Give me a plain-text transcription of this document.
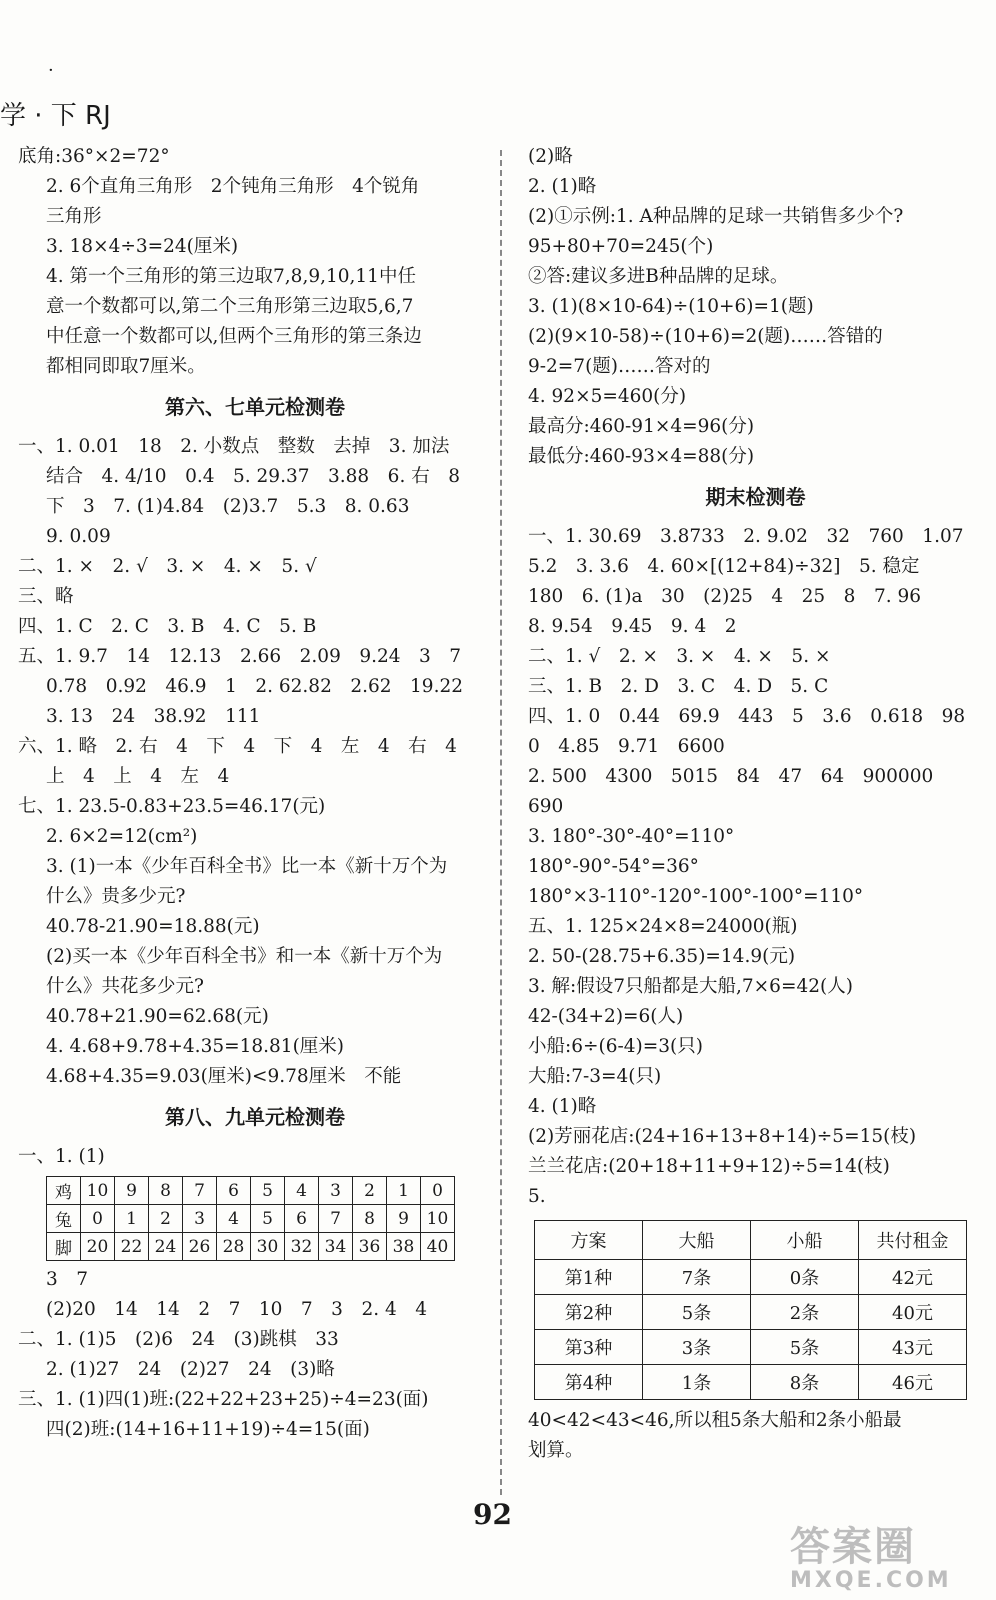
·
学 · 下 RJ
底角:36°×2=72°
2. 6个直角三角形　2个钝角三角形　4个锐角
三角形
3. 18×4÷3=24(厘米)
4. 第一个三角形的第三边取7,8,9,10,11中任
意一个数都可以,第二个三角形第三边取5,6,7
中任意一个数都可以,但两个三角形的第三条边
都相同即取7厘米。
第六、七单元检测卷
一、1. 0.01　18　2. 小数点　整数　去掉　3. 加法
结合　4. 4/10　0.4　5. 29.37　3.88　6. 右　8
下　3　7. (1)4.84　(2)3.7　5.3　8. 0.63
9. 0.09
二、1. ×　2. √　3. ×　4. ×　5. √
三、略
四、1. C　2. C　3. B　4. C　5. B
五、1. 9.7　14　12.13　2.66　2.09　9.24　3　7
0.78　0.92　46.9　1　2. 62.82　2.62　19.22
3. 13　24　38.92　111
六、1. 略　2. 右　4　下　4　下　4　左　4　右　4
上　4　上　4　左　4
七、1. 23.5-0.83+23.5=46.17(元)
2. 6×2=12(cm²)
3. (1)一本《少年百科全书》比一本《新十万个为
什么》贵多少元?
40.78-21.90=18.88(元)
(2)买一本《少年百科全书》和一本《新十万个为
什么》共花多少元?
40.78+21.90=62.68(元)
4. 4.68+9.78+4.35=18.81(厘米)
4.68+4.35=9.03(厘米)<9.78厘米　不能
第八、九单元检测卷
一、1. (1)
鸡	10	9	8	7	6	5	4	3	2	1	0
兔	0	1	2	3	4	5	6	7	8	9	10
脚	20	22	24	26	28	30	32	34	36	38	40
3　7
(2)20　14　14　2　7　10　7　3　2. 4　4
二、1. (1)5　(2)6　24　(3)跳棋　33
2. (1)27　24　(2)27　24　(3)略
三、1. (1)四(1)班:(22+22+23+25)÷4=23(面)
四(2)班:(14+16+11+19)÷4=15(面)
(2)略
2. (1)略
(2)①示例:1. A种品牌的足球一共销售多少个?
95+80+70=245(个)
②答:建议多进B种品牌的足球。
3. (1)(8×10-64)÷(10+6)=1(题)
(2)(9×10-58)÷(10+6)=2(题)……答错的
9-2=7(题)……答对的
4. 92×5=460(分)
最高分:460-91×4=96(分)
最低分:460-93×4=88(分)
期末检测卷
一、1. 30.69　3.8733　2. 9.02　32　760　1.07
5.2　3. 3.6　4. 60×[(12+84)÷32]　5. 稳定
180　6. (1)a　30　(2)25　4　25　8　7. 96
8. 9.54　9.45　9. 4　2
二、1. √　2. ×　3. ×　4. ×　5. ×
三、1. B　2. D　3. C　4. D　5. C
四、1. 0　0.44　69.9　443　5　3.6　0.618　98
0　4.85　9.71　6600
2. 500　4300　5015　84　47　64　900000
690
3. 180°-30°-40°=110°
180°-90°-54°=36°
180°×3-110°-120°-100°-100°=110°
五、1. 125×24×8=24000(瓶)
2. 50-(28.75+6.35)=14.9(元)
3. 解:假设7只船都是大船,7×6=42(人)
42-(34+2)=6(人)
小船:6÷(6-4)=3(只)
大船:7-3=4(只)
4. (1)略
(2)芳丽花店:(24+16+13+8+14)÷5=15(枝)
兰兰花店:(20+18+11+9+12)÷5=14(枝)
5.
方案	大船	小船	共付租金
第1种	7条	0条	42元
第2种	5条	2条	40元
第3种	3条	5条	43元
第4种	1条	8条	46元
40<42<43<46,所以租5条大船和2条小船最
划算。
92
答案圈
MXQE.COM
